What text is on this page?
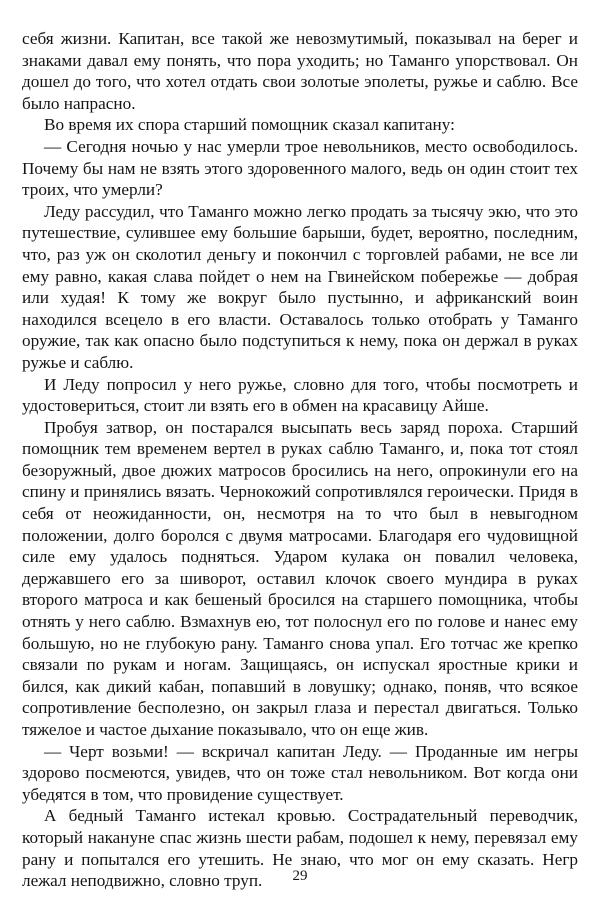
себя жизни. Капитан, все такой же невозмутимый, показывал на берег и знаками давал ему понять, что пора уходить; но Таманго упорствовал. Он дошел до того, что хотел отдать свои золотые эполеты, ружье и саблю. Все было напрасно.

Во время их спора старший помощник сказал капитану:

— Сегодня ночью у нас умерли трое невольников, место освободилось. Почему бы нам не взять этого здоровенного малого, ведь он один стоит тех троих, что умерли?

Леду рассудил, что Таманго можно легко продать за тысячу экю, что это путешествие, сулившее ему большие барыши, будет, вероятно, последним, что, раз уж он сколотил деньгу и покончил с торговлей рабами, не все ли ему равно, какая слава пойдет о нем на Гвинейском побережье — добрая или худая! К тому же вокруг было пустынно, и африканский воин находился всецело в его власти. Оставалось только отобрать у Таманго оружие, так как опасно было подступиться к нему, пока он держал в руках ружье и саблю.

И Леду попросил у него ружье, словно для того, чтобы посмотреть и удостовериться, стоит ли взять его в обмен на красавицу Айше.

Пробуя затвор, он постарался высыпать весь заряд пороха. Старший помощник тем временем вертел в руках саблю Таманго, и, пока тот стоял безоружный, двое дюжих матросов бросились на него, опрокинули его на спину и принялись вязать. Чернокожий сопротивлялся героически. Придя в себя от неожиданности, он, несмотря на то что был в невыгодном положении, долго боролся с двумя матросами. Благодаря его чудовищной силе ему удалось подняться. Ударом кулака он повалил человека, державшего его за шиворот, оставил клочок своего мундира в руках второго матроса и как бешеный бросился на старшего помощника, чтобы отнять у него саблю. Взмахнув ею, тот полоснул его по голове и нанес ему большую, но не глубокую рану. Таманго снова упал. Его тотчас же крепко связали по рукам и ногам. Защищаясь, он испускал яростные крики и бился, как дикий кабан, попавший в ловушку; однако, поняв, что всякое сопротивление бесполезно, он закрыл глаза и перестал двигаться. Только тяжелое и частое дыхание показывало, что он еще жив.

— Черт возьми! — вскричал капитан Леду. — Проданные им негры здорово посмеются, увидев, что он тоже стал невольником. Вот когда они убедятся в том, что провидение существует.

А бедный Таманго истекал кровью. Сострадательный переводчик, который накануне спас жизнь шести рабам, подошел к нему, перевязал ему рану и попытался его утешить. Не знаю, что мог он ему сказать. Негр лежал неподвижно, словно труп.	29
